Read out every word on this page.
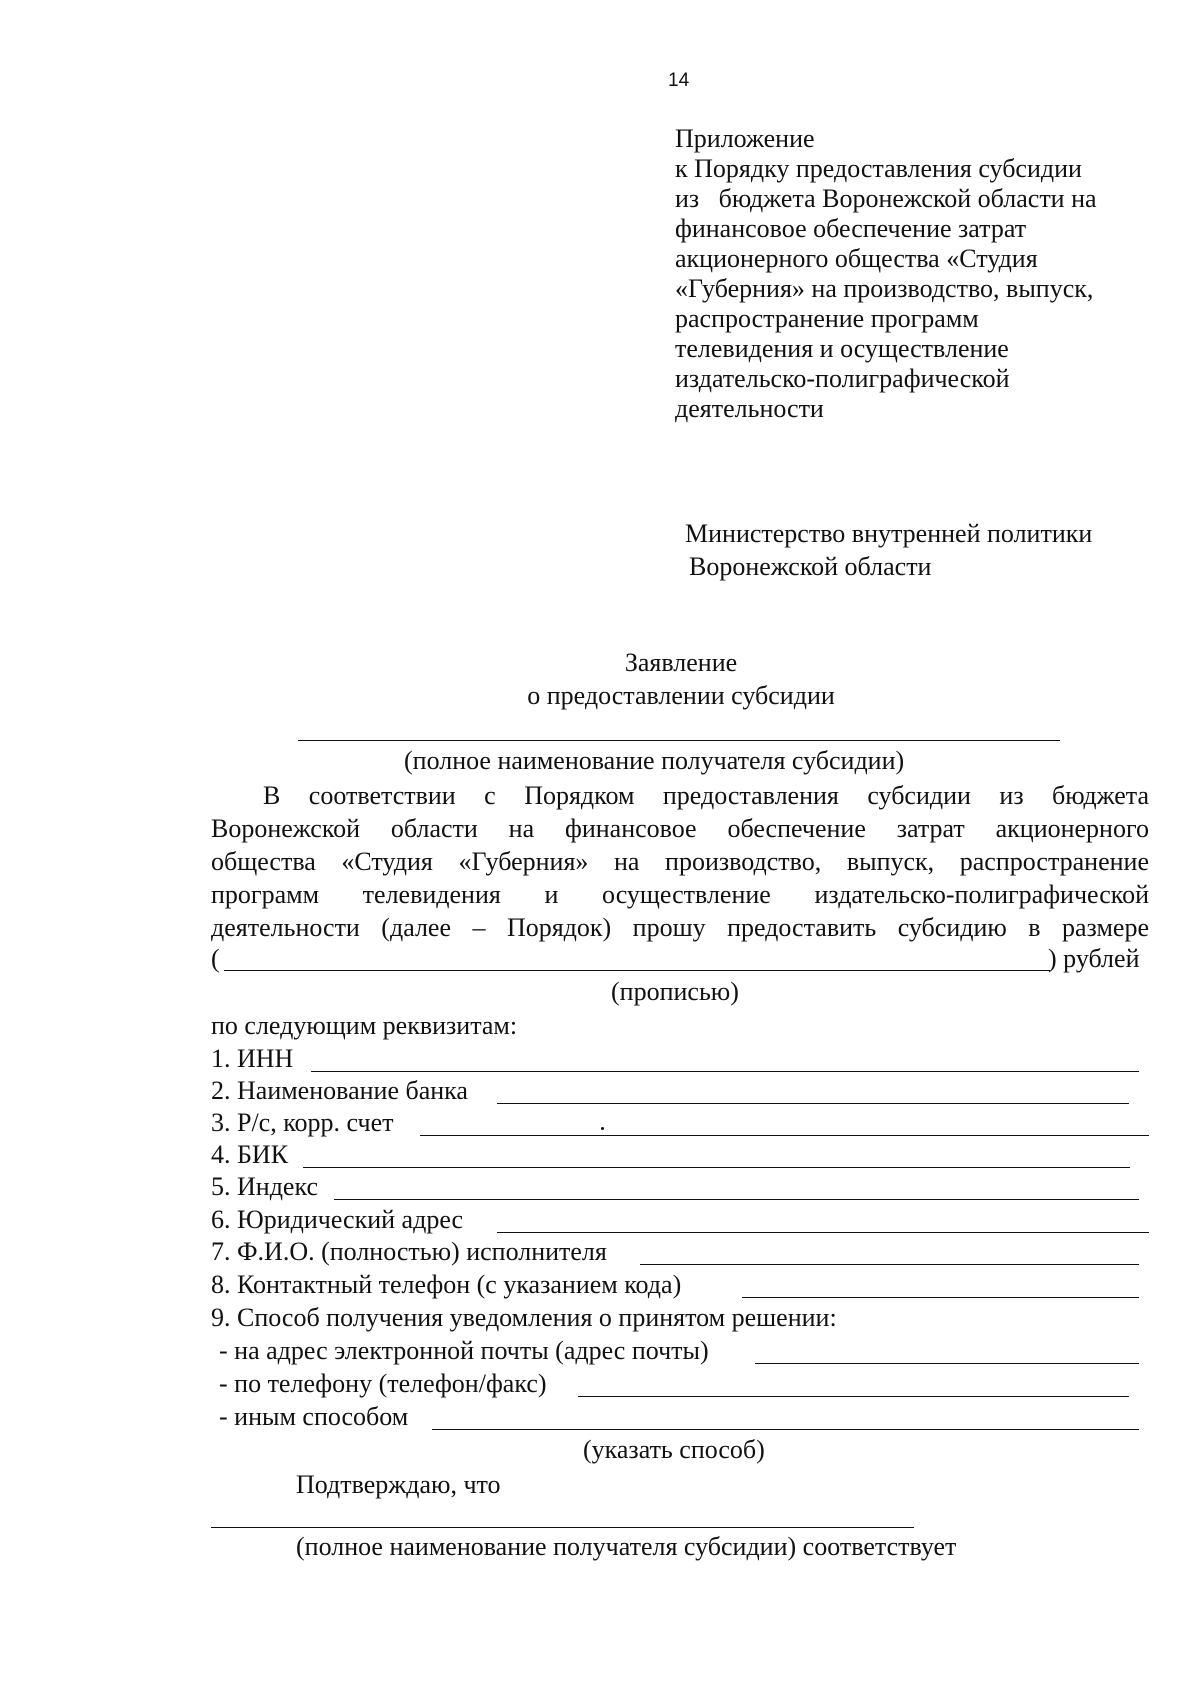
14
Приложение
к Порядку предоставления субсидии
из   бюджета Воронежской области на
финансовое обеспечение затрат
акционерного общества «Студия
«Губерния» на производство, выпуск,
распространение программ
телевидения и осуществление
издательско-полиграфической
деятельности
Министерство внутренней политики
Воронежской области
Заявление
о предоставлении субсидии
(полное наименование получателя субсидии)
В соответствии с Порядком предоставления субсидии из бюджета
Воронежской области на финансовое обеспечение затрат акционерного
общества «Студия «Губерния» на производство, выпуск, распространение
программ телевидения и осуществление издательско-полиграфической
деятельности (далее – Порядок) прошу предоставить субсидию в размере
(	) рублей
(прописью)
по следующим реквизитам:
1. ИНН
2. Наименование банка
3. Р/с, корр. счет
4. БИК
5. Индекс
6. Юридический адрес
7. Ф.И.О. (полностью) исполнителя
8. Контактный телефон (с указанием кода)
9. Способ получения уведомления о принятом решении:
- на адрес электронной почты (адрес почты)
- по телефону (телефон/факс)
- иным способом
(указать способ)
Подтверждаю, что
(полное наименование получателя субсидии) соответствует
